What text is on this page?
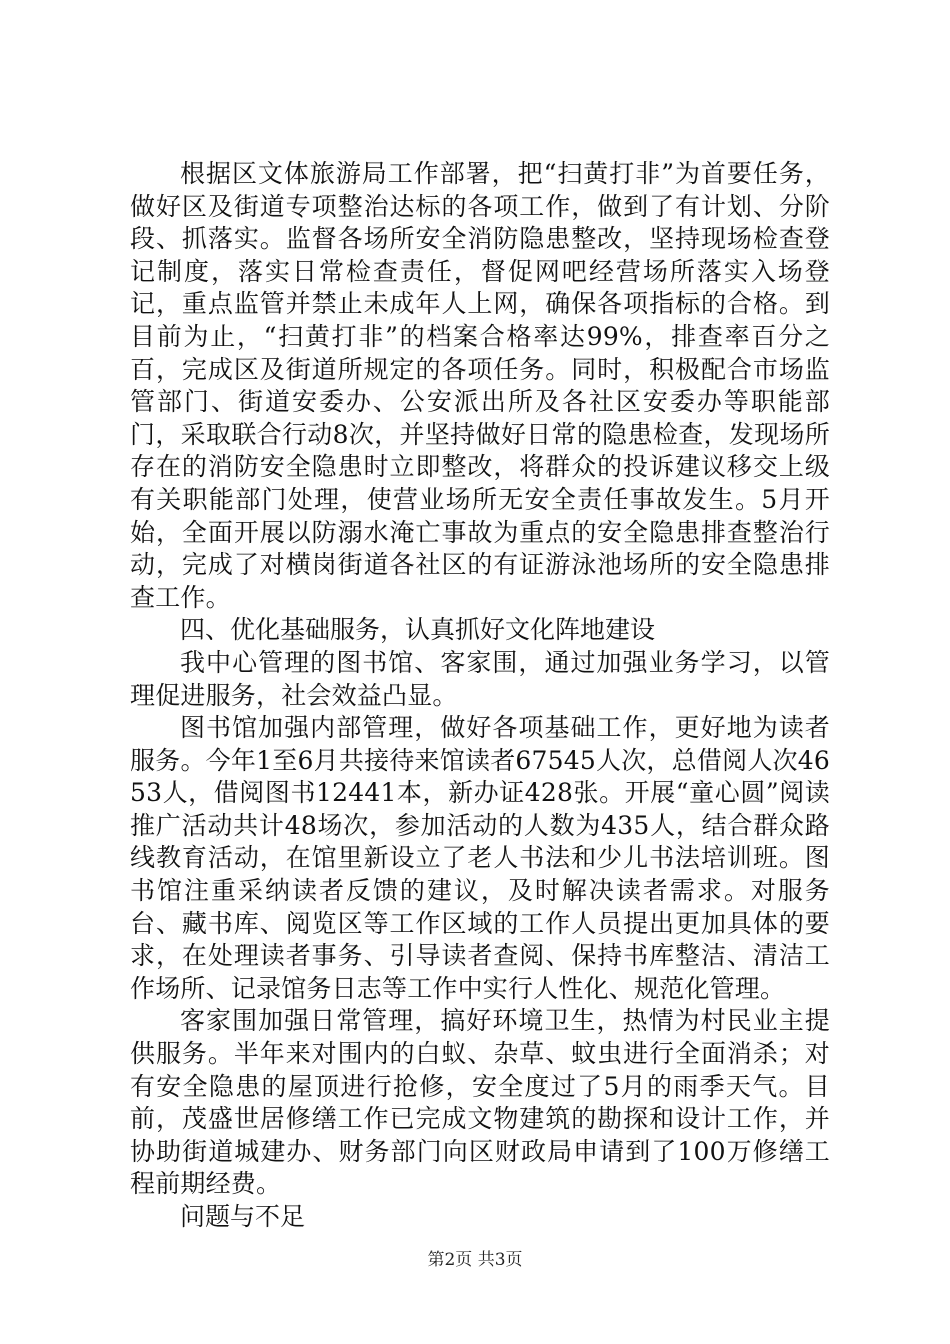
根据区文体旅游局工作部署，把“扫黄打非”为首要任务，做好区及街道专项整治达标的各项工作，做到了有计划、分阶段、抓落实。监督各场所安全消防隐患整改，坚持现场检查登记制度，落实日常检查责任，督促网吧经营场所落实入场登记，重点监管并禁止未成年人上网，确保各项指标的合格。到目前为止，“扫黄打非”的档案合格率达99%，排查率百分之百，完成区及街道所规定的各项任务。同时，积极配合市场监管部门、街道安委办、公安派出所及各社区安委办等职能部门，采取联合行动8次，并坚持做好日常的隐患检查，发现场所存在的消防安全隐患时立即整改，将群众的投诉建议移交上级有关职能部门处理，使营业场所无安全责任事故发生。5月开始，全面开展以防溺水淹亡事故为重点的安全隐患排查整治行动，完成了对横岗街道各社区的有证游泳池场所的安全隐患排查工作。

四、优化基础服务，认真抓好文化阵地建设

我中心管理的图书馆、客家围，通过加强业务学习，以管理促进服务，社会效益凸显。

图书馆加强内部管理，做好各项基础工作，更好地为读者服务。今年1至6月共接待来馆读者67545人次，总借阅人次4653人，借阅图书12441本，新办证428张。开展“童心圆”阅读推广活动共计48场次，参加活动的人数为435人，结合群众路线教育活动，在馆里新设立了老人书法和少儿书法培训班。图书馆注重采纳读者反馈的建议，及时解决读者需求。对服务台、藏书库、阅览区等工作区域的工作人员提出更加具体的要求，在处理读者事务、引导读者查阅、保持书库整洁、清洁工作场所、记录馆务日志等工作中实行人性化、规范化管理。

客家围加强日常管理，搞好环境卫生，热情为村民业主提供服务。半年来对围内的白蚁、杂草、蚊虫进行全面消杀；对有安全隐患的屋顶进行抢修，安全度过了5月的雨季天气。目前，茂盛世居修缮工作已完成文物建筑的勘探和设计工作，并协助街道城建办、财务部门向区财政局申请到了100万修缮工程前期经费。

问题与不足

第2页 共3页
